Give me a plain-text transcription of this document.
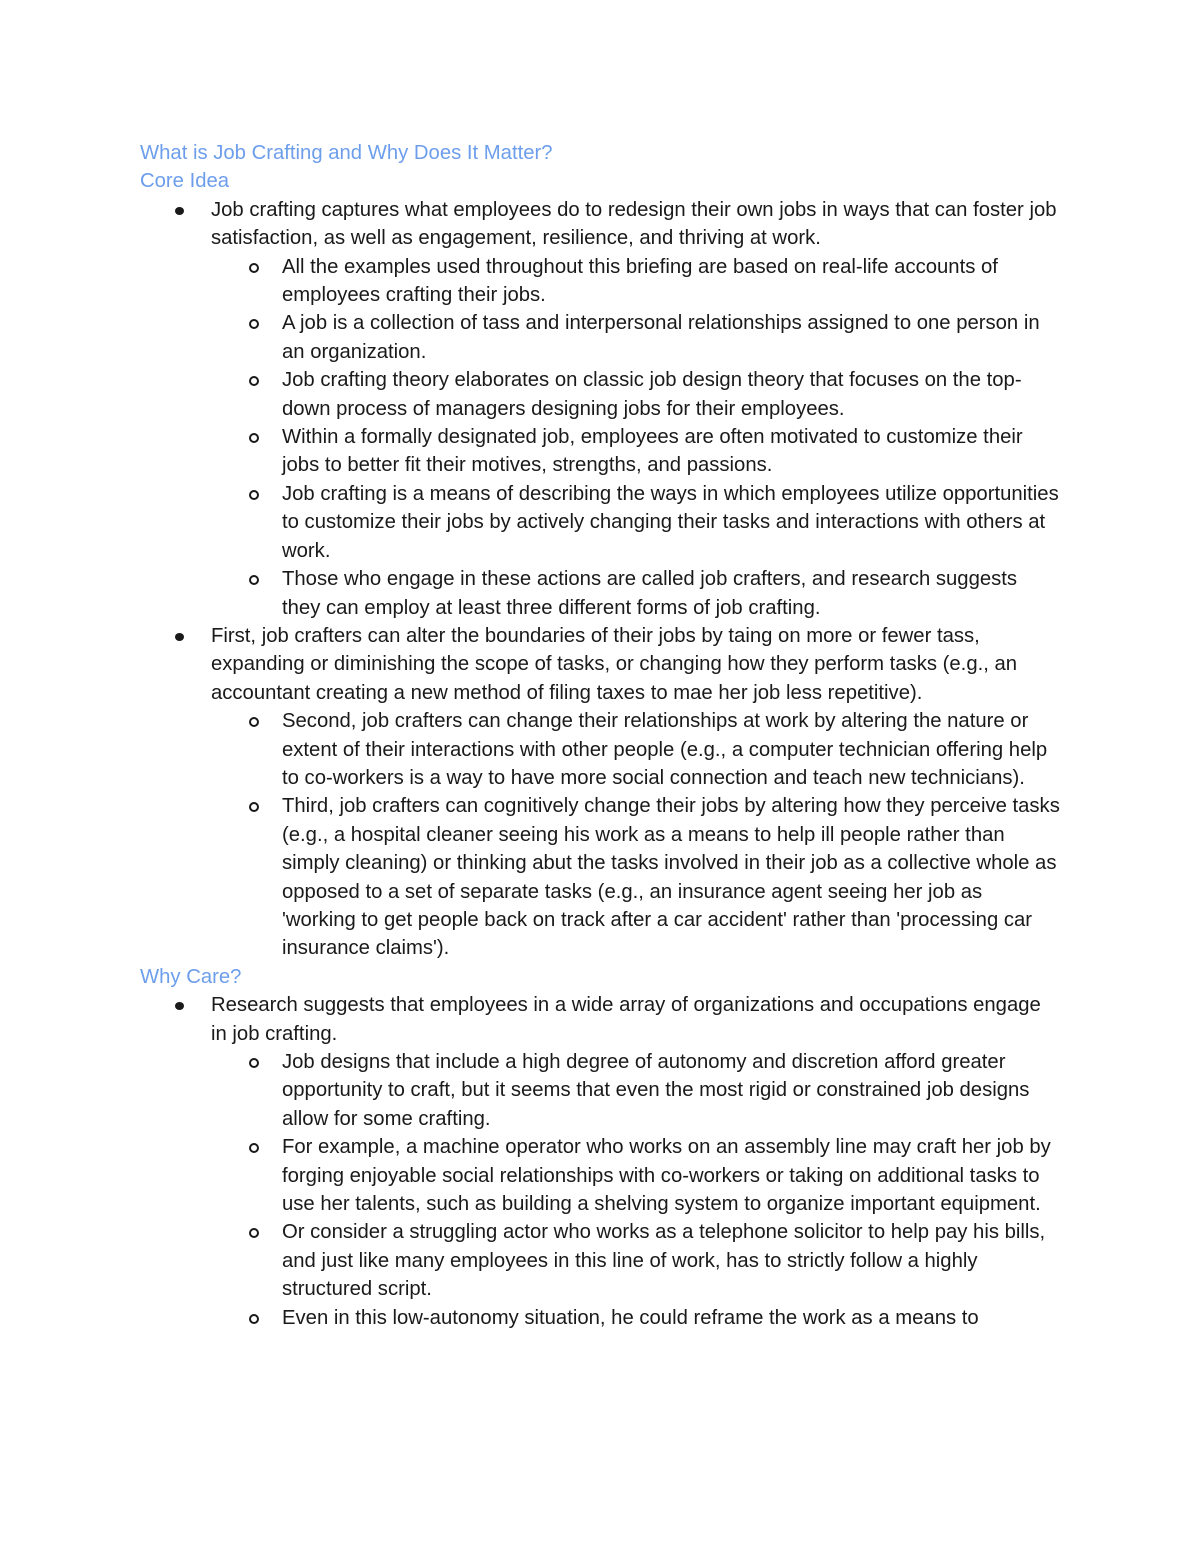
What is Job Crafting and Why Does It Matter?
Core Idea
Job crafting captures what employees do to redesign their own jobs in ways that can foster job satisfaction, as well as engagement, resilience, and thriving at work.
All the examples used throughout this briefing are based on real-life accounts of employees crafting their jobs.
A job is a collection of tass and interpersonal relationships assigned to one person in an organization.
Job crafting theory elaborates on classic job design theory that focuses on the top-down process of managers designing jobs for their employees.
Within a formally designated job, employees are often motivated to customize their jobs to better fit their motives, strengths, and passions.
Job crafting is a means of describing the ways in which employees utilize opportunities to customize their jobs by actively changing their tasks and interactions with others at work.
Those who engage in these actions are called job crafters, and research suggests they can employ at least three different forms of job crafting.
First, job crafters can alter the boundaries of their jobs by taing on more or fewer tass, expanding or diminishing the scope of tasks, or changing how they perform tasks (e.g., an accountant creating a new method of filing taxes to mae her job less repetitive).
Second, job crafters can change their relationships at work by altering the nature or extent of their interactions with other people (e.g., a computer technician offering help to co-workers is a way to have more social connection and teach new technicians).
Third, job crafters can cognitively change their jobs by altering how they perceive tasks (e.g., a hospital cleaner seeing his work as a means to help ill people rather than simply cleaning) or thinking abut the tasks involved in their job as a collective whole as opposed to a set of separate tasks (e.g., an insurance agent seeing her job as 'working to get people back on track after a car accident' rather than 'processing car insurance claims').
Why Care?
Research suggests that employees in a wide array of organizations and occupations engage in job crafting.
Job designs that include a high degree of autonomy and discretion afford greater opportunity to craft, but it seems that even the most rigid or constrained job designs allow for some crafting.
For example, a machine operator who works on an assembly line may craft her job by forging enjoyable social relationships with co-workers or taking on additional tasks to use her talents, such as building a shelving system to organize important equipment.
Or consider a struggling actor who works as a telephone solicitor to help pay his bills, and just like many employees in this line of work, has to strictly follow a highly structured script.
Even in this low-autonomy situation, he could reframe the work as a means to
